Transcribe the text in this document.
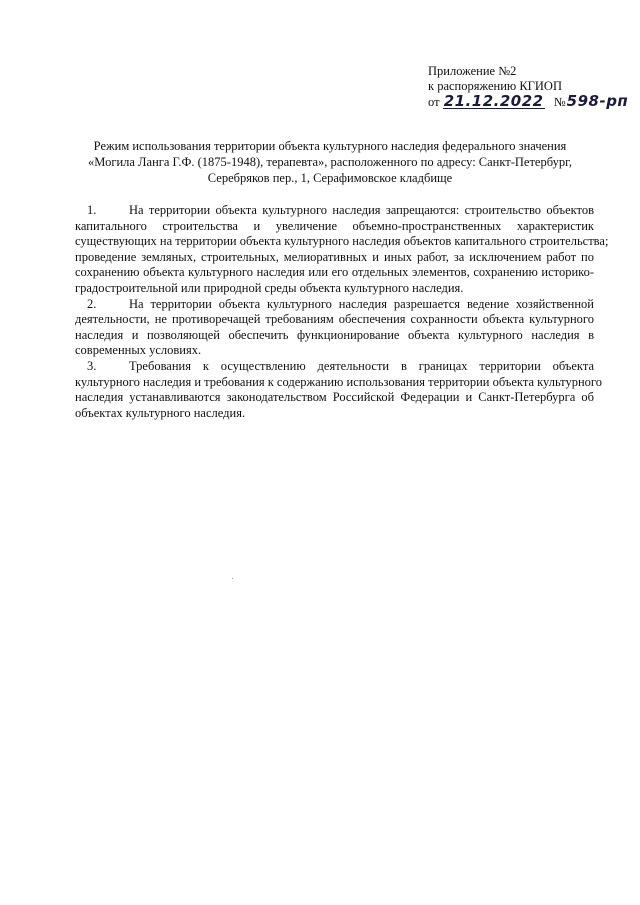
Приложение №2
к распоряжению КГИОП
от 21.12.2022 №598-рп
Режим использования территории объекта культурного наследия федерального значения
«Могила Ланга Г.Ф. (1875-1948), терапевта», расположенного по адресу: Санкт-Петербург,
Серебряков пер., 1, Серафимовское кладбище
1.	На территории объекта культурного наследия запрещаются: строительство объектов
капитального строительства и увеличение объемно-пространственных характеристик
существующих на территории объекта культурного наследия объектов капитального строительства;
проведение земляных, строительных, мелиоративных и иных работ, за исключением работ по
сохранению объекта культурного наследия или его отдельных элементов, сохранению историко-
градостроительной или природной среды объекта культурного наследия.
2.	На территории объекта культурного наследия разрешается ведение хозяйственной
деятельности, не противоречащей требованиям обеспечения сохранности объекта культурного
наследия и позволяющей обеспечить функционирование объекта культурного наследия в
современных условиях.
3.	Требования к осуществлению деятельности в границах территории объекта
культурного наследия и требования к содержанию использования территории объекта культурного
наследия устанавливаются законодательством Российской Федерации и Санкт-Петербурга об
объектах культурного наследия.
